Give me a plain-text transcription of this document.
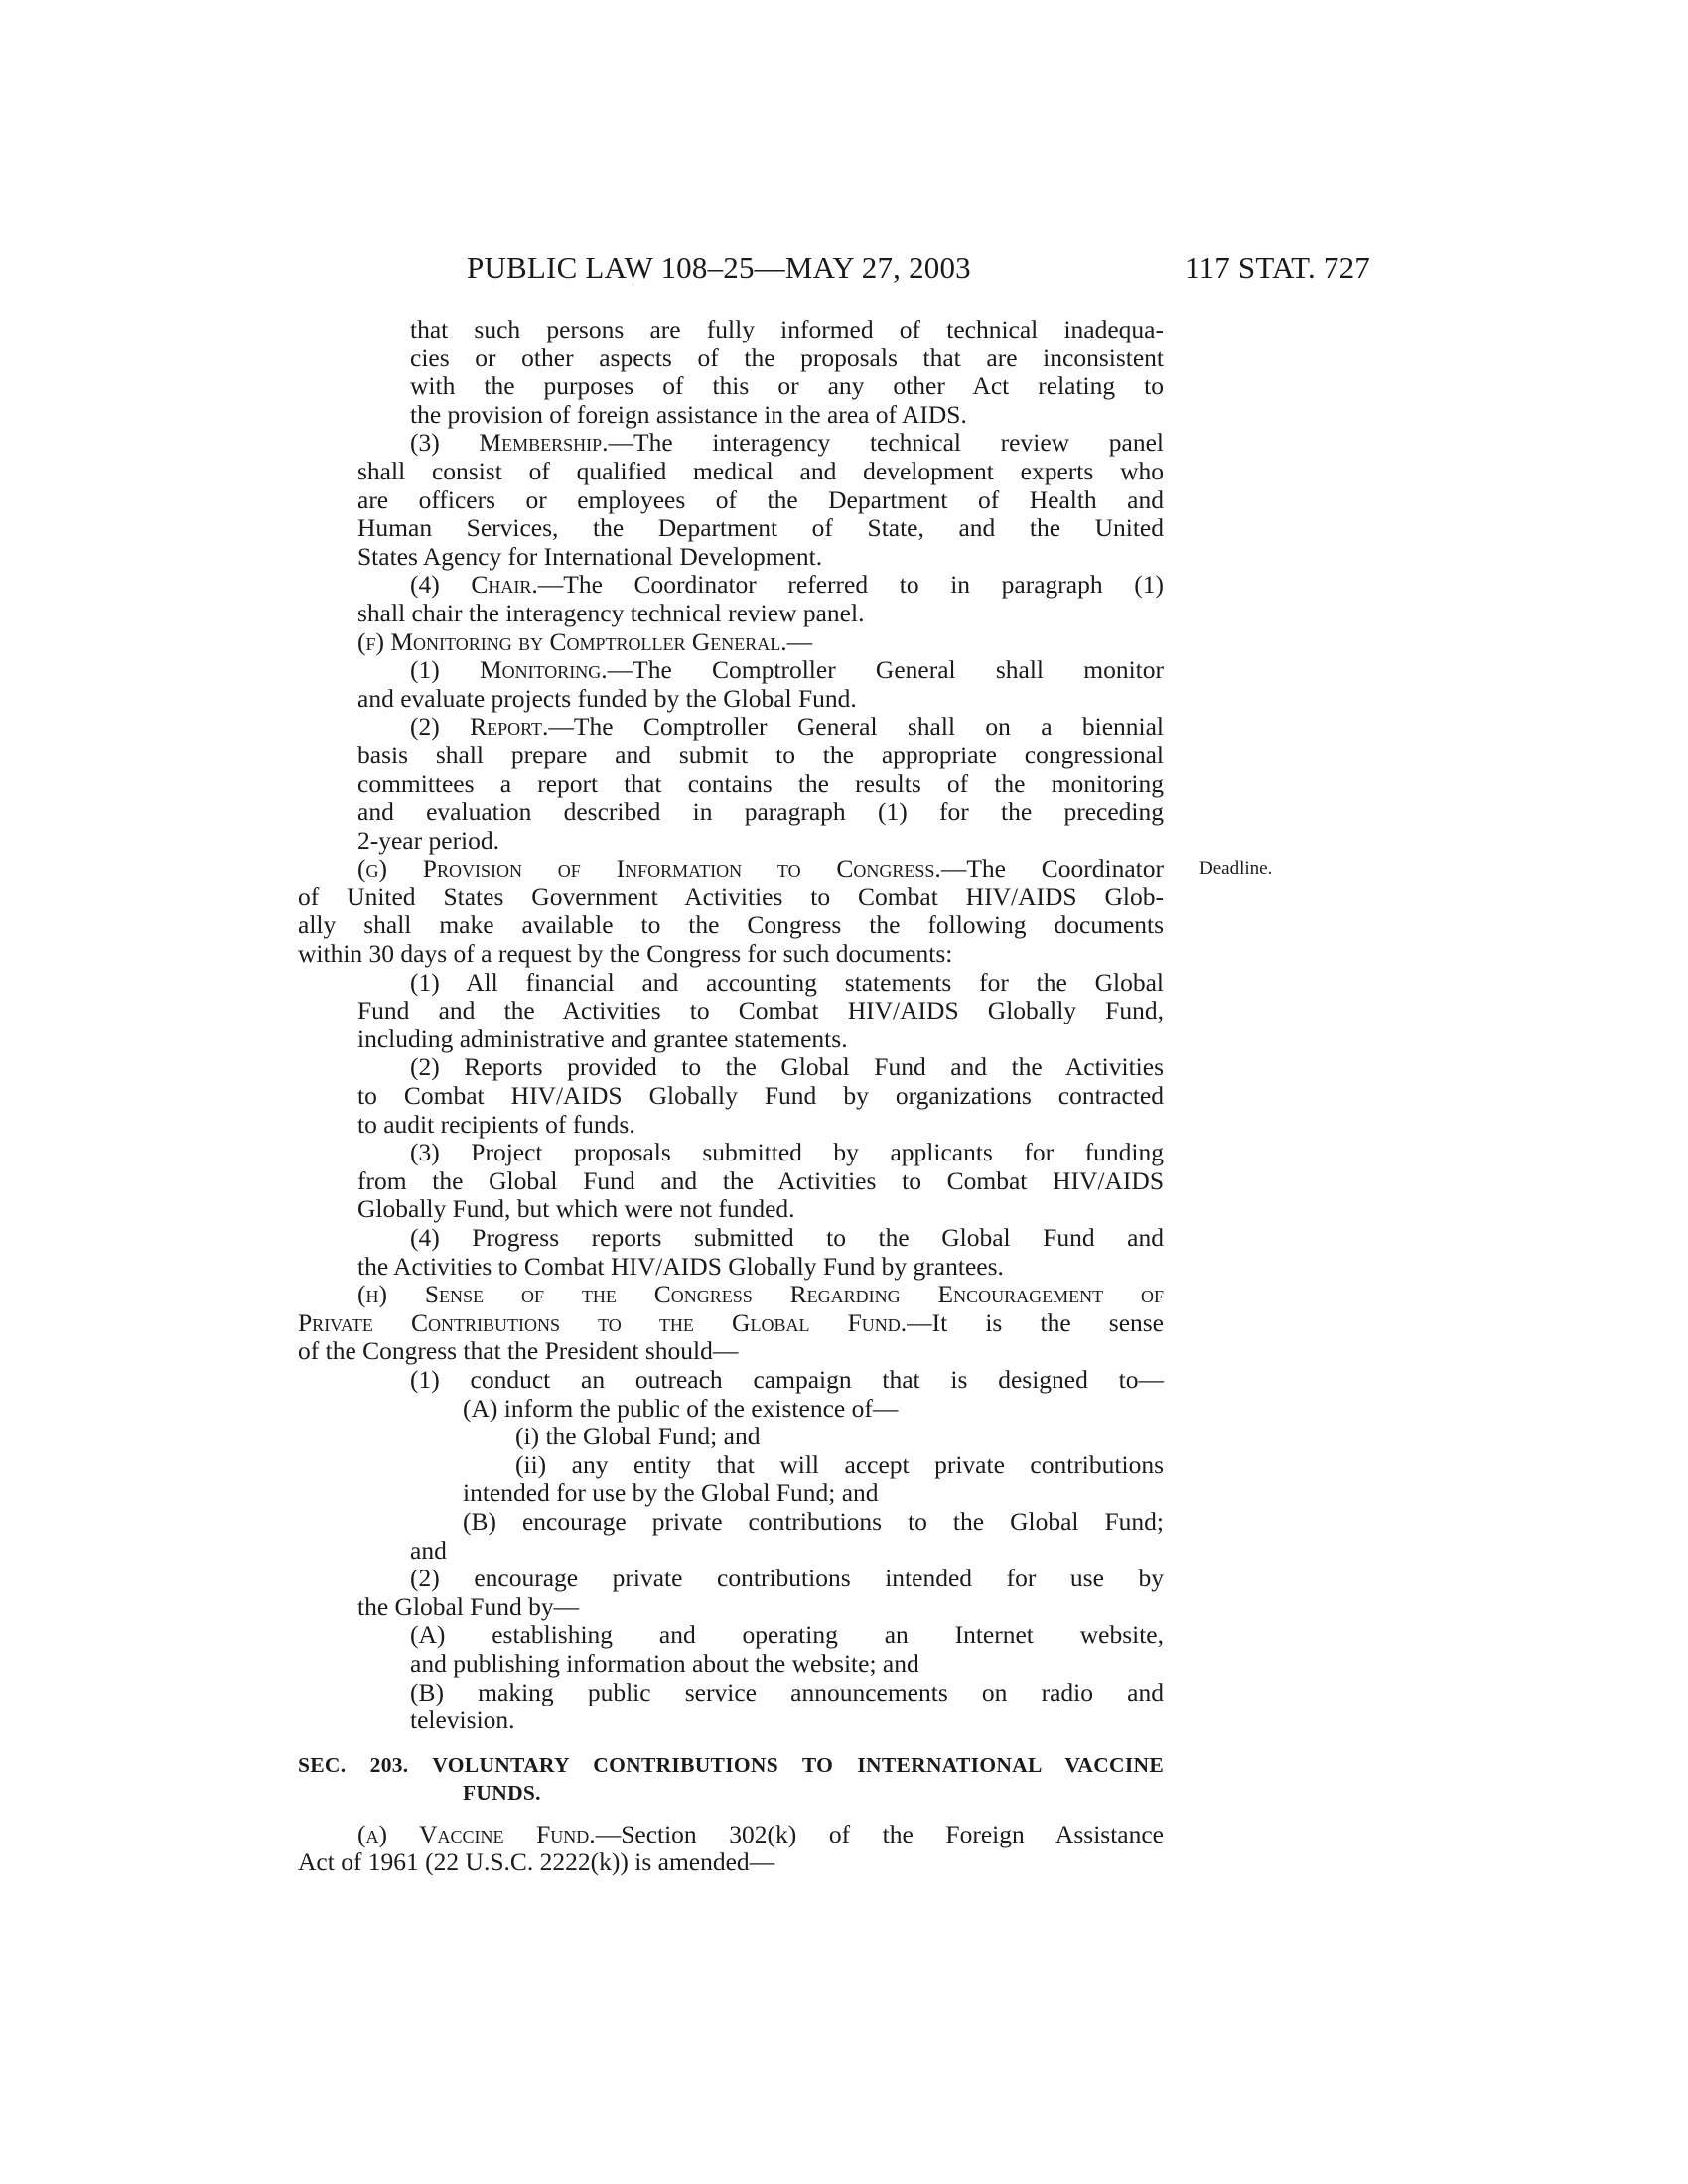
PUBLIC LAW 108–25—MAY 27, 2003	117 STAT. 727
Deadline.

that such persons are fully informed of technical inadequa-

cies or other aspects of the proposals that are inconsistent

with the purposes of this or any other Act relating to

the provision of foreign assistance in the area of AIDS.

(3) Membership.—The interagency technical review panel

shall consist of qualified medical and development experts who

are officers or employees of the Department of Health and

Human Services, the Department of State, and the United

States Agency for International Development.

(4) Chair.—The Coordinator referred to in paragraph (1)

shall chair the interagency technical review panel.

(f) Monitoring by Comptroller General.—

(1) Monitoring.—The Comptroller General shall monitor

and evaluate projects funded by the Global Fund.

(2) Report.—The Comptroller General shall on a biennial

basis shall prepare and submit to the appropriate congressional

committees a report that contains the results of the monitoring

and evaluation described in paragraph (1) for the preceding

2-year period.

(g) Provision of Information to Congress.—The Coordinator

of United States Government Activities to Combat HIV/AIDS Glob-

ally shall make available to the Congress the following documents

within 30 days of a request by the Congress for such documents:

(1) All financial and accounting statements for the Global

Fund and the Activities to Combat HIV/AIDS Globally Fund,

including administrative and grantee statements.

(2) Reports provided to the Global Fund and the Activities

to Combat HIV/AIDS Globally Fund by organizations contracted

to audit recipients of funds.

(3) Project proposals submitted by applicants for funding

from the Global Fund and the Activities to Combat HIV/AIDS

Globally Fund, but which were not funded.

(4) Progress reports submitted to the Global Fund and

the Activities to Combat HIV/AIDS Globally Fund by grantees.

(h) Sense of the Congress Regarding Encouragement of

Private Contributions to the Global Fund.—It is the sense

of the Congress that the President should—

(1) conduct an outreach campaign that is designed to—

(A) inform the public of the existence of—

(i) the Global Fund; and

(ii) any entity that will accept private contributions

intended for use by the Global Fund; and

(B) encourage private contributions to the Global Fund;

and

(2) encourage private contributions intended for use by

the Global Fund by—

(A) establishing and operating an Internet website,

and publishing information about the website; and

(B) making public service announcements on radio and

television.

SEC. 203. VOLUNTARY CONTRIBUTIONS TO INTERNATIONAL VACCINE

FUNDS.

(a) Vaccine Fund.—Section 302(k) of the Foreign Assistance

Act of 1961 (22 U.S.C. 2222(k)) is amended—
